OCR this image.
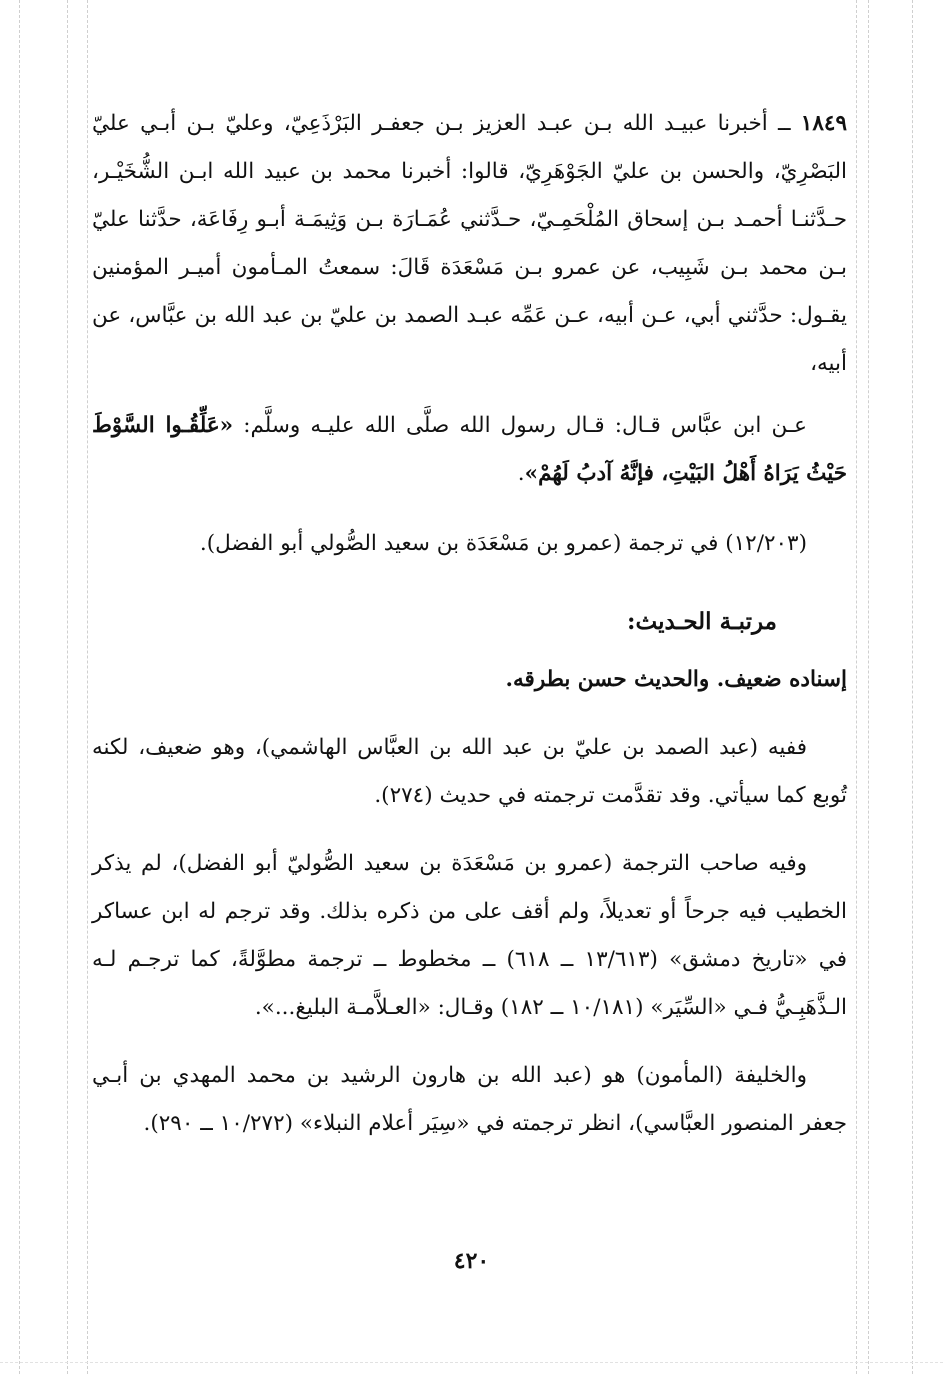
١٨٤٩ ــ أخبرنا عبيـد الله بـن عبـد العزيز بـن جعفـر البَرْذَعِيّ، وعليّ بـن أبـي عليّ البَصْرِيّ، والحسن بن عليّ الجَوْهَرِيّ، قالوا: أخبرنا محمد بن عبيد الله ابـن الشُّخَيْـر، حـدَّثنـا أحمـد بـن إسحاق المُلْحَمِـيّ، حـدَّثني عُمَـارَة بـن وَثِيمَـة أبـو رِفَاعَة، حدَّثنا عليّ بـن محمد بـن شَبِيب، عن عمرو بـن مَسْعَدَة قَالَ: سمعتُ المـأمون أميـر المؤمنين يقـول: حدَّثني أبي، عـن أبيه، عـن عَمِّه عبـد الصمد بن عليّ بن عبد الله بن عبَّاس، عن أبيه،

عـن ابن عبَّاس قـال: قـال رسول الله صلَّى الله عليـه وسلَّم: «عَلِّقُـوا السَّوْطَ حَيْثُ يَرَاهُ أَهْلُ البَيْتِ، فإنَّهُ آدبُ لَهُمْ».

(١٢/٢٠٣) في ترجمة (عمرو بن مَسْعَدَة بن سعيد الصُّولي أبو الفضل).

مرتبـة الحـديث:

إسناده ضعيف. والحديث حسن بطرقه.

ففيه (عبد الصمد بن عليّ بن عبد الله بن العبَّاس الهاشمي)، وهو ضعيف، لكنه تُوبع كما سيأتي. وقد تقدَّمت ترجمته في حديث (٢٧٤).

وفيه صاحب الترجمة (عمرو بن مَسْعَدَة بن سعيد الصُّوليّ أبو الفضل)، لم يذكر الخطيب فيه جرحاً أو تعديلاً، ولم أقف على من ذكره بذلك. وقد ترجم له ابن عساكر في «تاريخ دمشق» (١٣/٦١٣ ــ ٦١٨) ــ مخطوط ــ ترجمة مطوَّلةً، كما ترجـم لـه الـذَّهَبِـيُّ فـي «السِّيَر» (١٠/١٨١ ــ ١٨٢) وقـال: «العـلاَّمـة البليغ...».

والخليفة (المأمون) هو (عبد الله بن هارون الرشيد بن محمد المهدي بن أبـي جعفر المنصور العبَّاسي)، انظر ترجمته في «سِيَر أعلام النبلاء» (١٠/٢٧٢ ــ ٢٩٠).

٤٢٠
